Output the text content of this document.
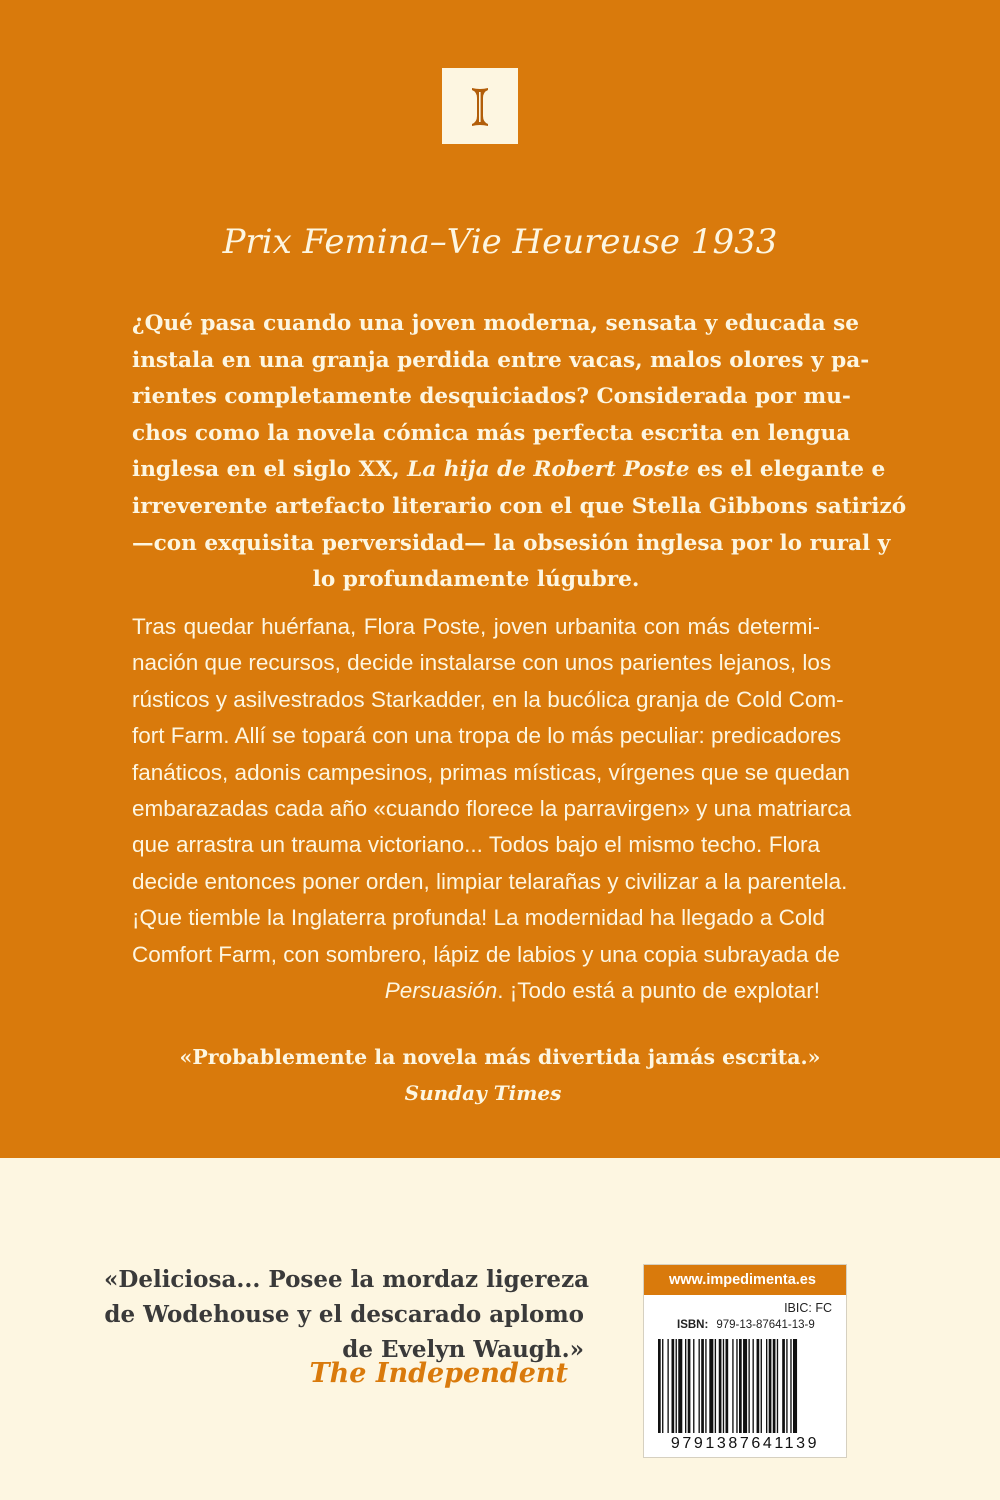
Prix Femina–Vie Heureuse 1933
¿Qué pasa cuando una joven moderna, sensata y educada se
instala en una granja perdida entre vacas, malos olores y pa-
rientes completamente desquiciados? Considerada por mu-
chos como la novela cómica más perfecta escrita en lengua
inglesa en el siglo XX, La hija de Robert Poste es el elegante e
irreverente artefacto literario con el que Stella Gibbons satirizó
—con exquisita perversidad— la obsesión inglesa por lo rural y
lo profundamente lúgubre.
Tras quedar huérfana, Flora Poste, joven urbanita con más determi-
nación que recursos, decide instalarse con unos parientes lejanos, los
rústicos y asilvestrados Starkadder, en la bucólica granja de Cold Com-
fort Farm. Allí se topará con una tropa de lo más peculiar: predicadores
fanáticos, adonis campesinos, primas místicas, vírgenes que se quedan
embarazadas cada año «cuando florece la parravirgen» y una matriarca
que arrastra un trauma victoriano... Todos bajo el mismo techo. Flora
decide entonces poner orden, limpiar telarañas y civilizar a la parentela.
¡Que tiemble la Inglaterra profunda! La modernidad ha llegado a Cold
Comfort Farm, con sombrero, lápiz de labios y una copia subrayada de
Persuasión. ¡Todo está a punto de explotar!
«Probablemente la novela más divertida jamás escrita.»
Sunday Times
«Deliciosa... Posee la mordaz ligereza
de Wodehouse y el descarado aplomo
de Evelyn Waugh.»
The Independent
www.impedimenta.es
IBIC: FC
ISBN: 979-13-87641-13-9
9791387641139
